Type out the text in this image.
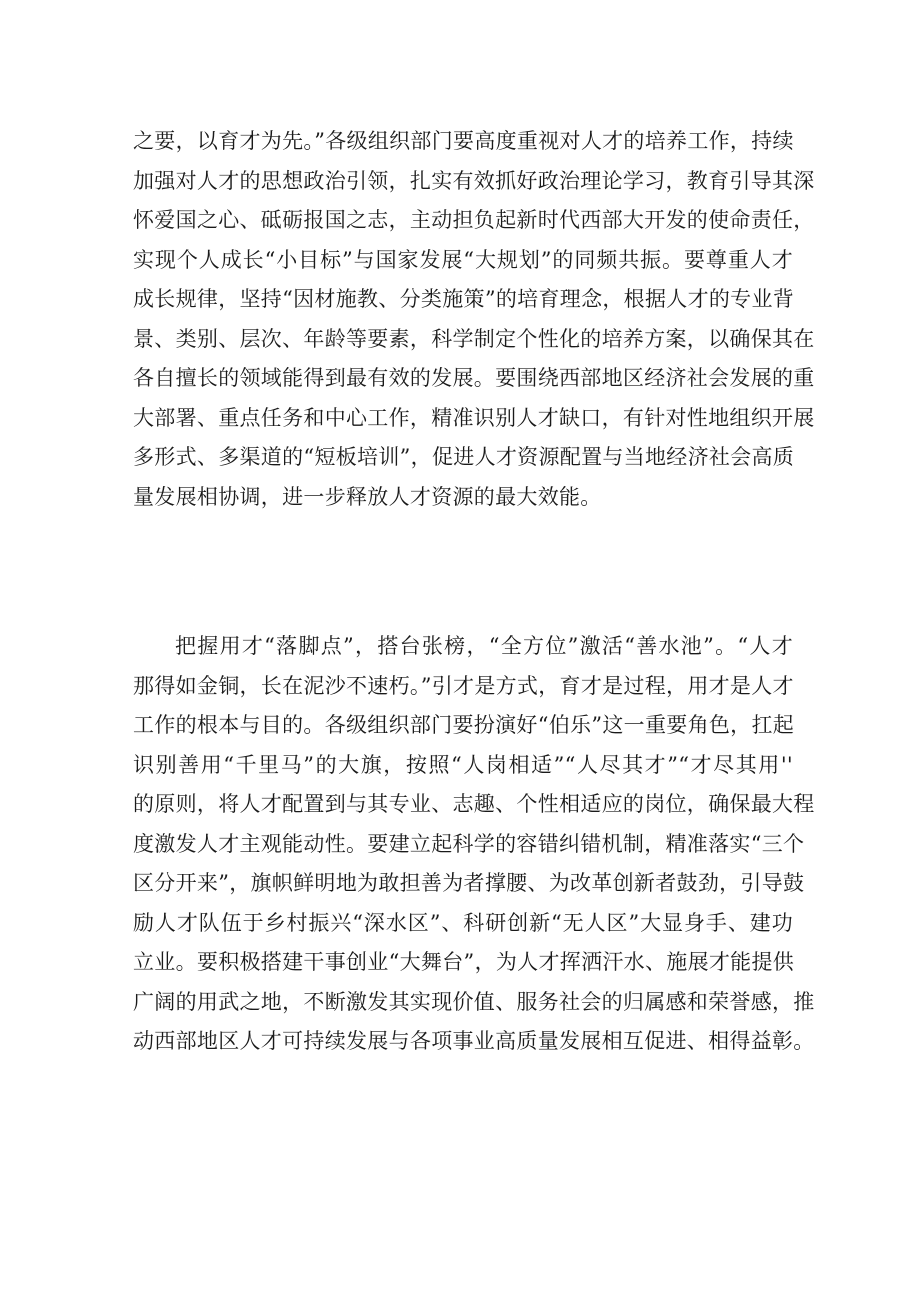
之要，以育才为先。”各级组织部门要高度重视对人才的培养工作，持续
加强对人才的思想政治引领，扎实有效抓好政治理论学习，教育引导其深
怀爱国之心、砥砺报国之志，主动担负起新时代西部大开发的使命责任，
实现个人成长“小目标”与国家发展“大规划”的同频共振。要尊重人才
成长规律，坚持“因材施教、分类施策”的培育理念，根据人才的专业背
景、类别、层次、年龄等要素，科学制定个性化的培养方案，以确保其在
各自擅长的领域能得到最有效的发展。要围绕西部地区经济社会发展的重
大部署、重点任务和中心工作，精准识别人才缺口，有针对性地组织开展
多形式、多渠道的“短板培训”，促进人才资源配置与当地经济社会高质
量发展相协调，进一步释放人才资源的最大效能。
把握用才“落脚点”，搭台张榜，“全方位”激活“善水池”。“人才
那得如金铜，长在泥沙不速朽。”引才是方式，育才是过程，用才是人才
工作的根本与目的。各级组织部门要扮演好“伯乐”这一重要角色，扛起
识别善用“千里马”的大旗，按照“人岗相适”“人尽其才”“才尽其用''
的原则，将人才配置到与其专业、志趣、个性相适应的岗位，确保最大程
度激发人才主观能动性。要建立起科学的容错纠错机制，精准落实“三个
区分开来”，旗帜鲜明地为敢担善为者撑腰、为改革创新者鼓劲，引导鼓
励人才队伍于乡村振兴“深水区”、科研创新“无人区”大显身手、建功
立业。要积极搭建干事创业“大舞台”，为人才挥洒汗水、施展才能提供
广阔的用武之地，不断激发其实现价值、服务社会的归属感和荣誉感，推
动西部地区人才可持续发展与各项事业高质量发展相互促进、相得益彰。
